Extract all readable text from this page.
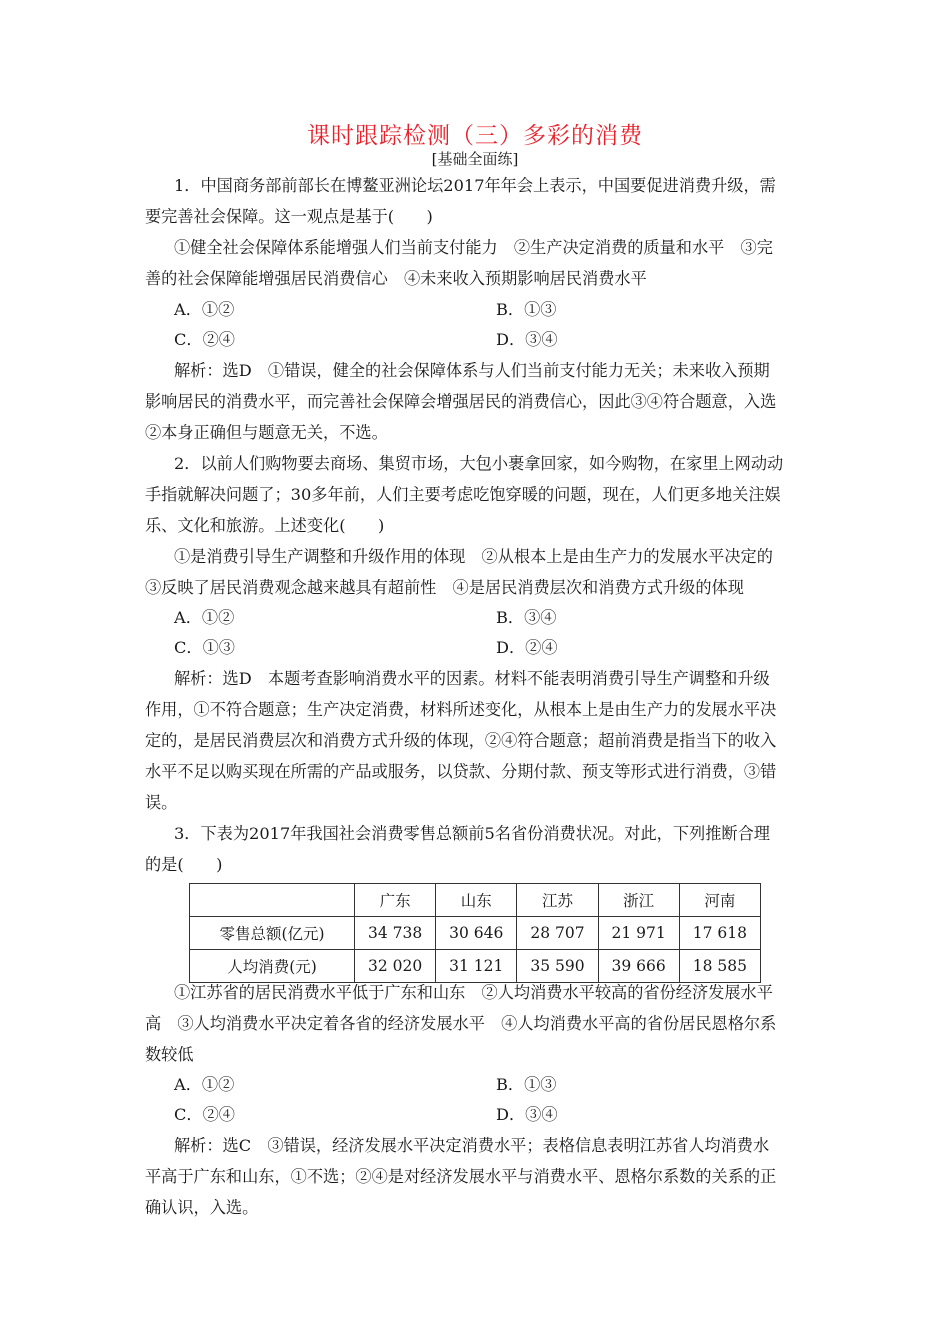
课时跟踪检测（三）多彩的消费
[基础全面练]
1．中国商务部前部长在博鳌亚洲论坛2017年年会上表示，中国要促进消费升级，需
要完善社会保障。这一观点是基于(　　)
①健全社会保障体系能增强人们当前支付能力　②生产决定消费的质量和水平　③完
善的社会保障能增强居民消费信心　④未来收入预期影响居民消费水平
A．①②	B．①③
C．②④	D．③④
解析：选D　①错误，健全的社会保障体系与人们当前支付能力无关；未来收入预期
影响居民的消费水平，而完善社会保障会增强居民的消费信心，因此③④符合题意，入选
②本身正确但与题意无关，不选。
2．以前人们购物要去商场、集贸市场，大包小裹拿回家，如今购物，在家里上网动动
手指就解决问题了；30多年前，人们主要考虑吃饱穿暖的问题，现在，人们更多地关注娱
乐、文化和旅游。上述变化(　　)
①是消费引导生产调整和升级作用的体现　②从根本上是由生产力的发展水平决定的
③反映了居民消费观念越来越具有超前性　④是居民消费层次和消费方式升级的体现
A．①②	B．③④
C．①③	D．②④
解析：选D　本题考查影响消费水平的因素。材料不能表明消费引导生产调整和升级
作用，①不符合题意；生产决定消费，材料所述变化，从根本上是由生产力的发展水平决
定的，是居民消费层次和消费方式升级的体现，②④符合题意；超前消费是指当下的收入
水平不足以购买现在所需的产品或服务，以贷款、分期付款、预支等形式进行消费，③错
误。
3．下表为2017年我国社会消费零售总额前5名省份消费状况。对此，下列推断合理
的是(　　)
	广东	山东	江苏	浙江	河南
零售总额(亿元)	34 738	30 646	28 707	21 971	17 618
人均消费(元)	32 020	31 121	35 590	39 666	18 585
①江苏省的居民消费水平低于广东和山东　②人均消费水平较高的省份经济发展水平
高　③人均消费水平决定着各省的经济发展水平　④人均消费水平高的省份居民恩格尔系
数较低
A．①②	B．①③
C．②④	D．③④
解析：选C　③错误，经济发展水平决定消费水平；表格信息表明江苏省人均消费水
平高于广东和山东，①不选；②④是对经济发展水平与消费水平、恩格尔系数的关系的正
确认识，入选。
